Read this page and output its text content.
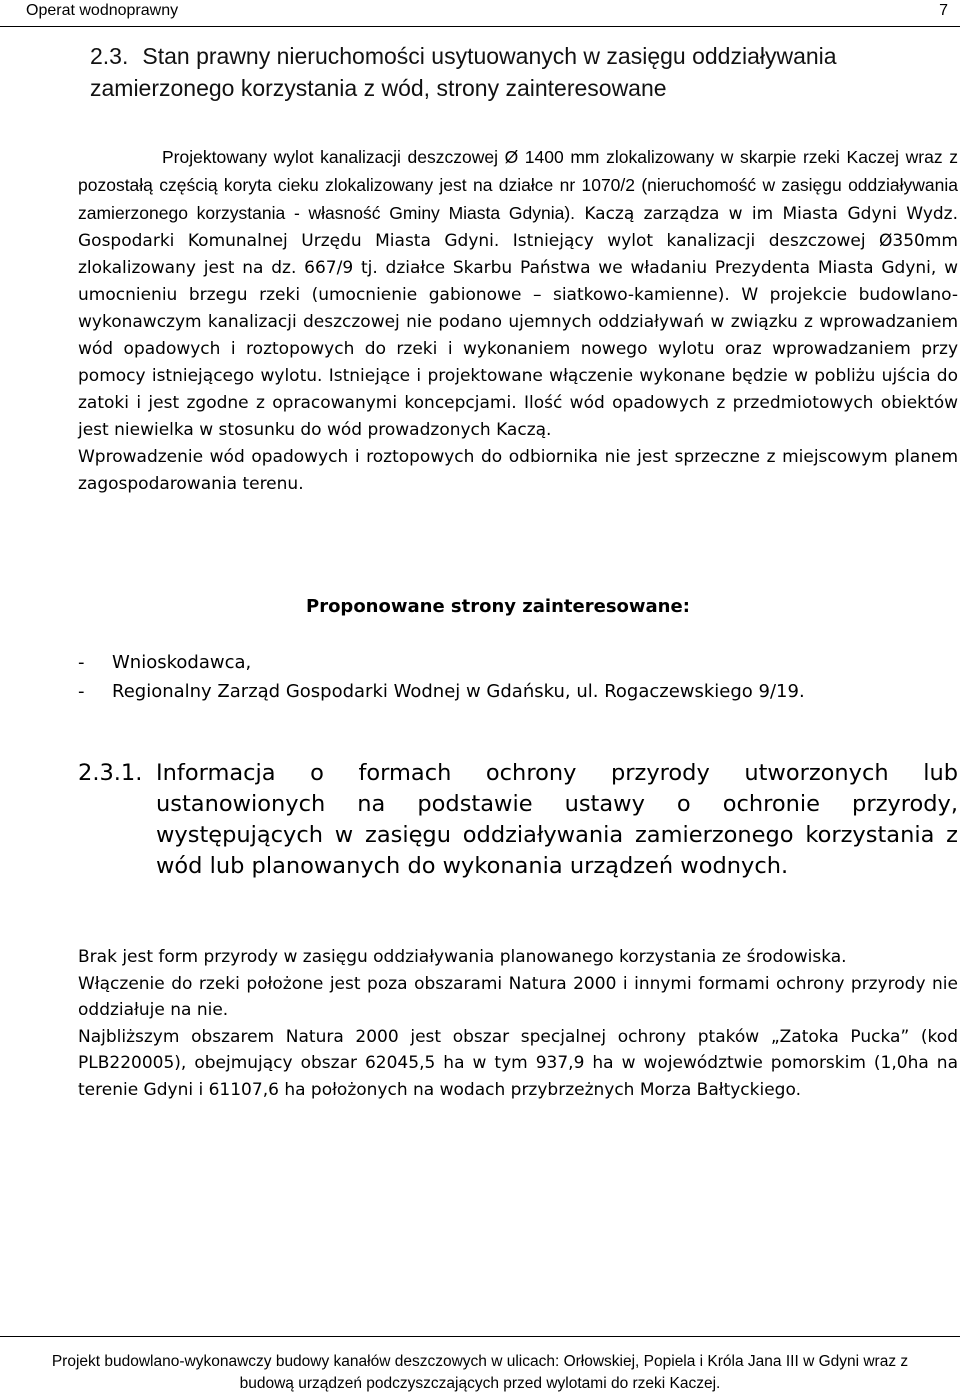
Operat wodnoprawny	7
2.3. Stan prawny nieruchomości usytuowanych w zasięgu oddziaływania zamierzonego korzystania z wód, strony zainteresowane

Projektowany wylot kanalizacji deszczowej Ø 1400 mm zlokalizowany w skarpie rzeki Kaczej wraz z pozostałą częścią koryta cieku zlokalizowany jest na działce nr 1070/2 (nieruchomość w zasięgu oddziaływania zamierzonego korzystania - własność Gminy Miasta Gdynia). Kaczą zarządza w im Miasta Gdyni Wydz. Gospodarki Komunalnej Urzędu Miasta Gdyni. Istniejący wylot kanalizacji deszczowej Ø350mm zlokalizowany jest na dz. 667/9 tj. działce Skarbu Państwa we władaniu Prezydenta Miasta Gdyni, w umocnieniu brzegu rzeki (umocnienie gabionowe – siatkowo-kamienne). W projekcie budowlano-wykonawczym kanalizacji deszczowej nie podano ujemnych oddziaływań w związku z wprowadzaniem wód opadowych i roztopowych do rzeki i wykonaniem nowego wylotu oraz wprowadzaniem przy pomocy istniejącego wylotu. Istniejące i projektowane włączenie wykonane będzie w pobliżu ujścia do zatoki i jest zgodne z opracowanymi koncepcjami. Ilość wód opadowych z przedmiotowych obiektów jest niewielka w stosunku do wód prowadzonych Kaczą.
Wprowadzenie wód opadowych i roztopowych do odbiornika nie jest sprzeczne z miejscowym planem zagospodarowania terenu.

Proponowane strony zainteresowane:
- Wnioskodawca,
- Regionalny Zarząd Gospodarki Wodnej w Gdańsku, ul. Rogaczewskiego 9/19.
2.3.1. Informacja o formach ochrony przyrody utworzonych lub ustanowionych na podstawie ustawy o ochronie przyrody, występujących w zasięgu oddziaływania zamierzonego korzystania z wód lub planowanych do wykonania urządzeń wodnych.

Brak jest form przyrody w zasięgu oddziaływania planowanego korzystania ze środowiska.
Włączenie do rzeki położone jest poza obszarami Natura 2000 i innymi formami ochrony przyrody nie oddziałuje na nie.
Najbliższym obszarem Natura 2000 jest obszar specjalnej ochrony ptaków „Zatoka Pucka” (kod PLB220005), obejmujący obszar 62045,5 ha w tym 937,9 ha w województwie pomorskim (1,0ha na terenie Gdyni i 61107,6 ha położonych na wodach przybrzeżnych Morza Bałtyckiego.

Projekt budowlano-wykonawczy budowy kanałów deszczowych w ulicach: Orłowskiej, Popiela i Króla Jana III w Gdyni wraz z
budową urządzeń podczyszczających przed wylotami do rzeki Kaczej.
